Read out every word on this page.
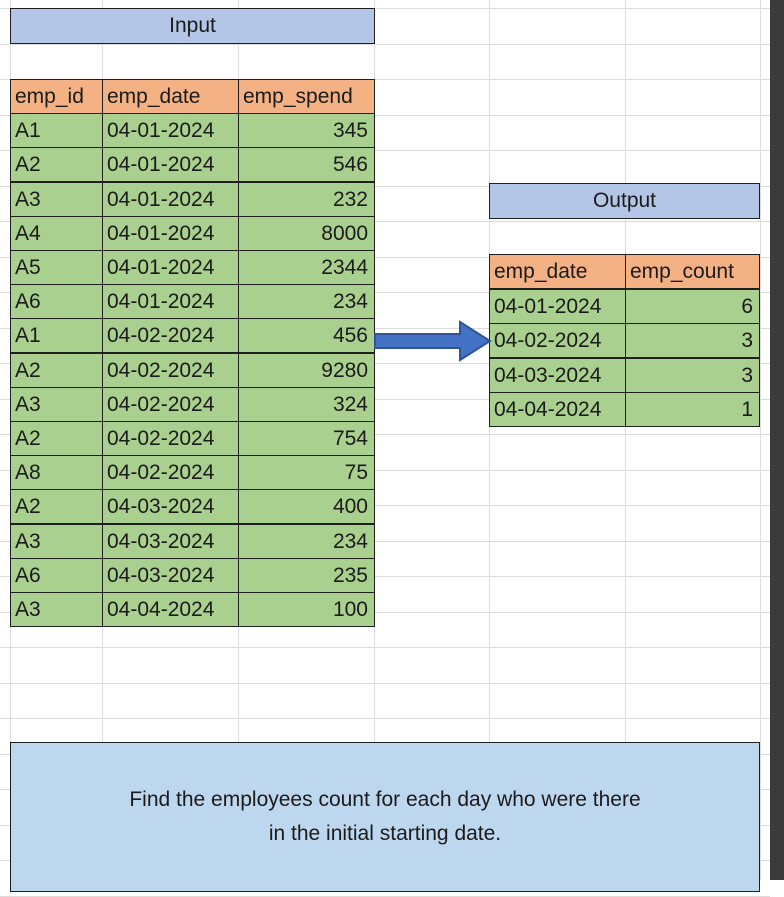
Input
emp_id	emp_date	emp_spend
A1	04-01-2024	345
A2	04-01-2024	546
A3	04-01-2024	232
A4	04-01-2024	8000
A5	04-01-2024	2344
A6	04-01-2024	234
A1	04-02-2024	456
A2	04-02-2024	9280
A3	04-02-2024	324
A2	04-02-2024	754
A8	04-02-2024	75
A2	04-03-2024	400
A3	04-03-2024	234
A6	04-03-2024	235
A3	04-04-2024	100
Output
emp_date	emp_count
04-01-2024	6
04-02-2024	3
04-03-2024	3
04-04-2024	1
Find the employees count for each day who were there
in the initial starting date.
